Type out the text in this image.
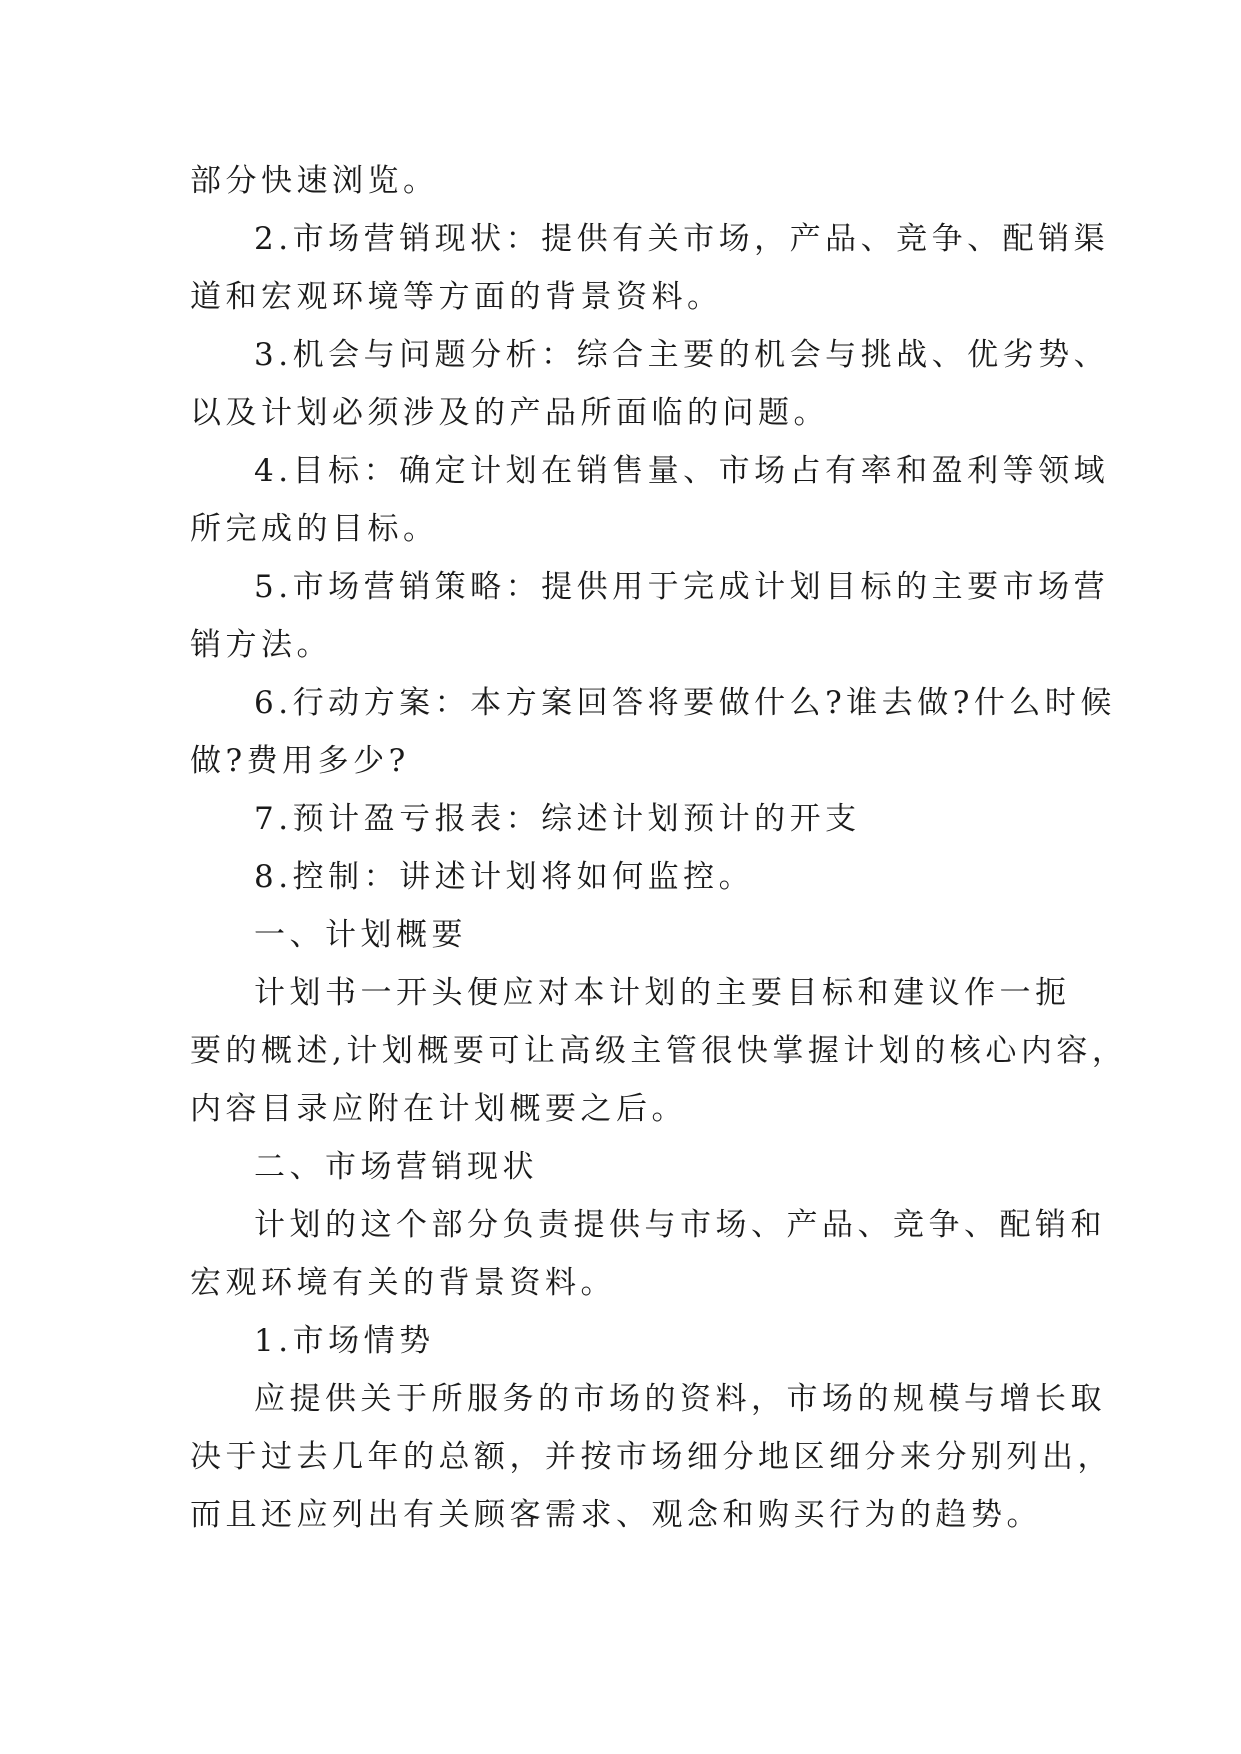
部分快速浏览。

2.市场营销现状：提供有关市场，产品、竞争、配销渠

道和宏观环境等方面的背景资料。

3.机会与问题分析：综合主要的机会与挑战、优劣势、

以及计划必须涉及的产品所面临的问题。

4.目标：确定计划在销售量、市场占有率和盈利等领域

所完成的目标。

5.市场营销策略：提供用于完成计划目标的主要市场营

销方法。

6.行动方案：本方案回答将要做什么?谁去做?什么时候

做?费用多少?

7.预计盈亏报表：综述计划预计的开支

8.控制：讲述计划将如何监控。

一、计划概要

计划书一开头便应对本计划的主要目标和建议作一扼

要的概述,计划概要可让高级主管很快掌握计划的核心内容，

内容目录应附在计划概要之后。

二、市场营销现状

计划的这个部分负责提供与市场、产品、竞争、配销和

宏观环境有关的背景资料。

1.市场情势

应提供关于所服务的市场的资料，市场的规模与增长取

决于过去几年的总额，并按市场细分地区细分来分别列出，

而且还应列出有关顾客需求、观念和购买行为的趋势。
